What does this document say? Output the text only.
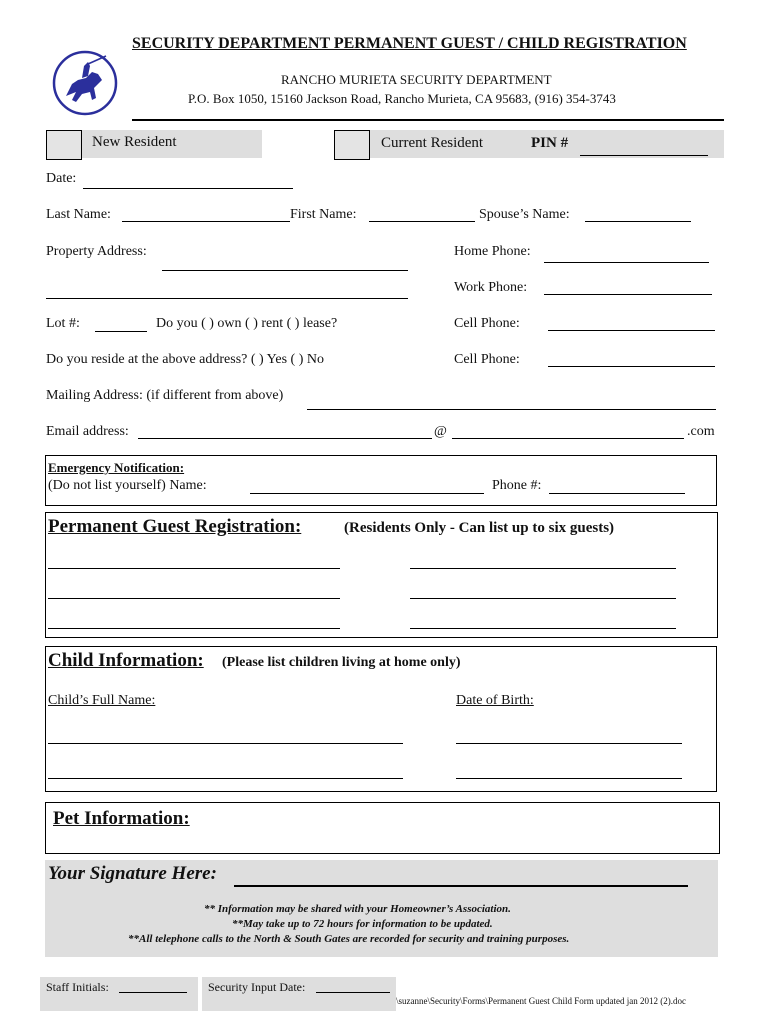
SECURITY DEPARTMENT PERMANENT GUEST / CHILD REGISTRATION
RANCHO MURIETA SECURITY DEPARTMENT
P.O. Box 1050, 15160 Jackson Road, Rancho Murieta, CA 95683, (916) 354-3743
New Resident	Current Resident	PIN #
Date:
Last Name:	First Name:	Spouse’s Name:
Property Address:	Home Phone:
Work Phone:
Lot #:	Do you ( ) own ( ) rent ( ) lease?	Cell Phone:
Do you reside at the above address? ( ) Yes ( ) No	Cell Phone:
Mailing Address: (if different from above)
Email address:	@	.com
Emergency Notification:
(Do not list yourself) Name:	Phone #:
Permanent Guest Registration:	(Residents Only - Can list up to six guests)
Child Information: (Please list children living at home only)
Child’s Full Name:	Date of Birth:
Pet Information:
Your Signature Here:
** Information may be shared with your Homeowner’s Association.
**May take up to 72 hours for information to be updated.
**All telephone calls to the North & South Gates are recorded for security and training purposes.
Staff Initials:	Security Input Date:
\suzanne\Security\Forms\Permanent Guest Child Form updated jan 2012 (2).doc
